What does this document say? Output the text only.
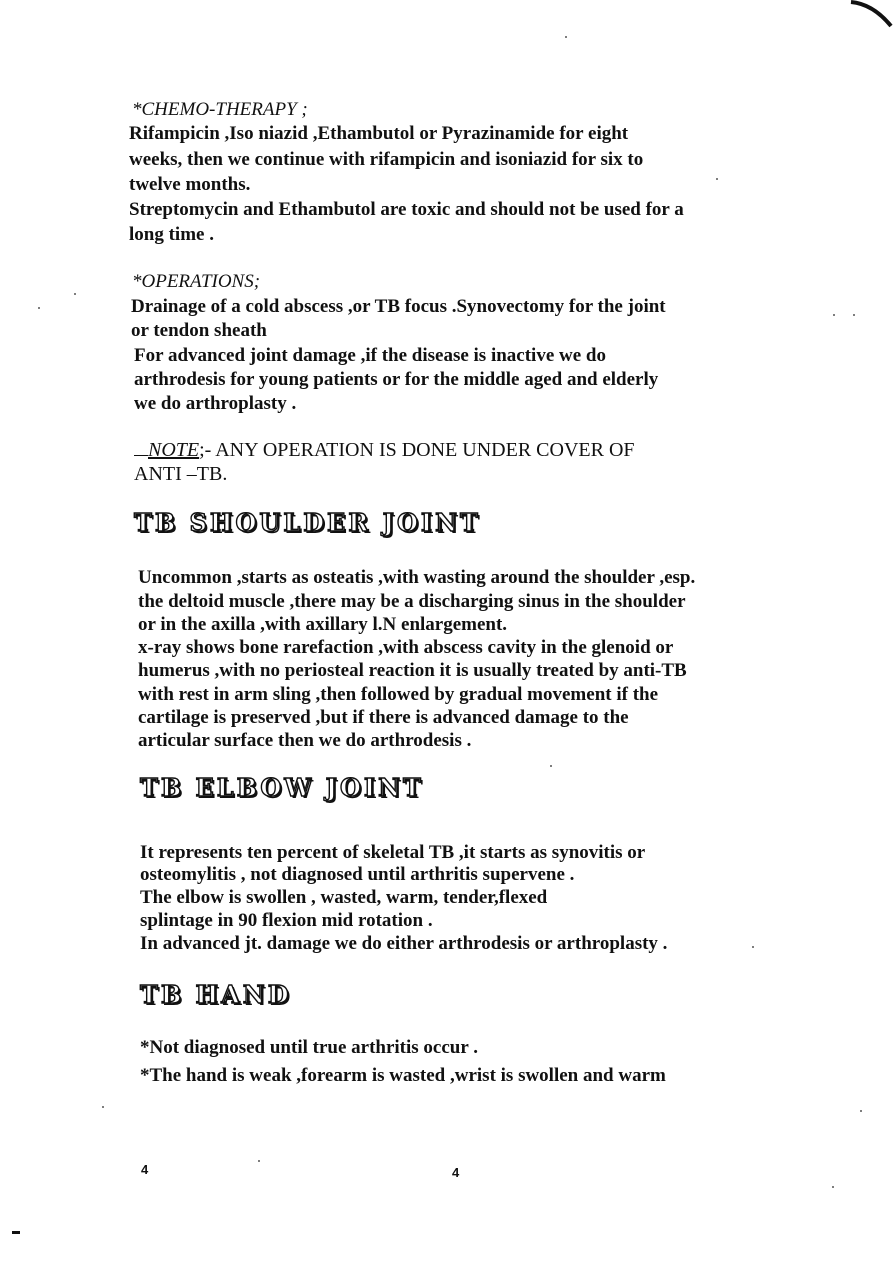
*CHEMO-THERAPY ;
Rifampicin ,Iso niazid ,Ethambutol or Pyrazinamide for eight
weeks, then we continue with rifampicin and isoniazid for six to
twelve months.
Streptomycin and Ethambutol are toxic and should not be used for a
long time .
*OPERATIONS;
Drainage of a cold abscess ,or TB focus .Synovectomy for the joint
or tendon sheath
For advanced joint damage ,if the disease is inactive we do
arthrodesis for young patients or for the middle aged and elderly
we do arthroplasty .
NOTE;- ANY OPERATION IS DONE UNDER COVER OF
ANTI –TB.
TB SHOULDER JOINT
Uncommon ,starts as osteatis ,with wasting around the shoulder ,esp.
the deltoid muscle ,there may be a discharging sinus in the shoulder
or in the axilla ,with axillary l.N enlargement.
x-ray shows bone rarefaction ,with abscess cavity in the glenoid or
humerus ,with no periosteal reaction it is usually treated by anti-TB
with rest in arm sling ,then followed by gradual movement if the
cartilage is preserved ,but if there is advanced damage to the
articular surface then we do arthrodesis .
TB ELBOW JOINT
It represents ten percent of skeletal TB ,it starts as synovitis or
osteomylitis , not diagnosed until arthritis supervene .
The elbow is swollen , wasted, warm, tender,flexed
splintage in 90 flexion mid rotation .
In advanced jt. damage we do either arthrodesis or arthroplasty .
TB HAND
*Not diagnosed until true arthritis occur .
*The hand is weak ,forearm is wasted ,wrist is swollen and warm
4	4
